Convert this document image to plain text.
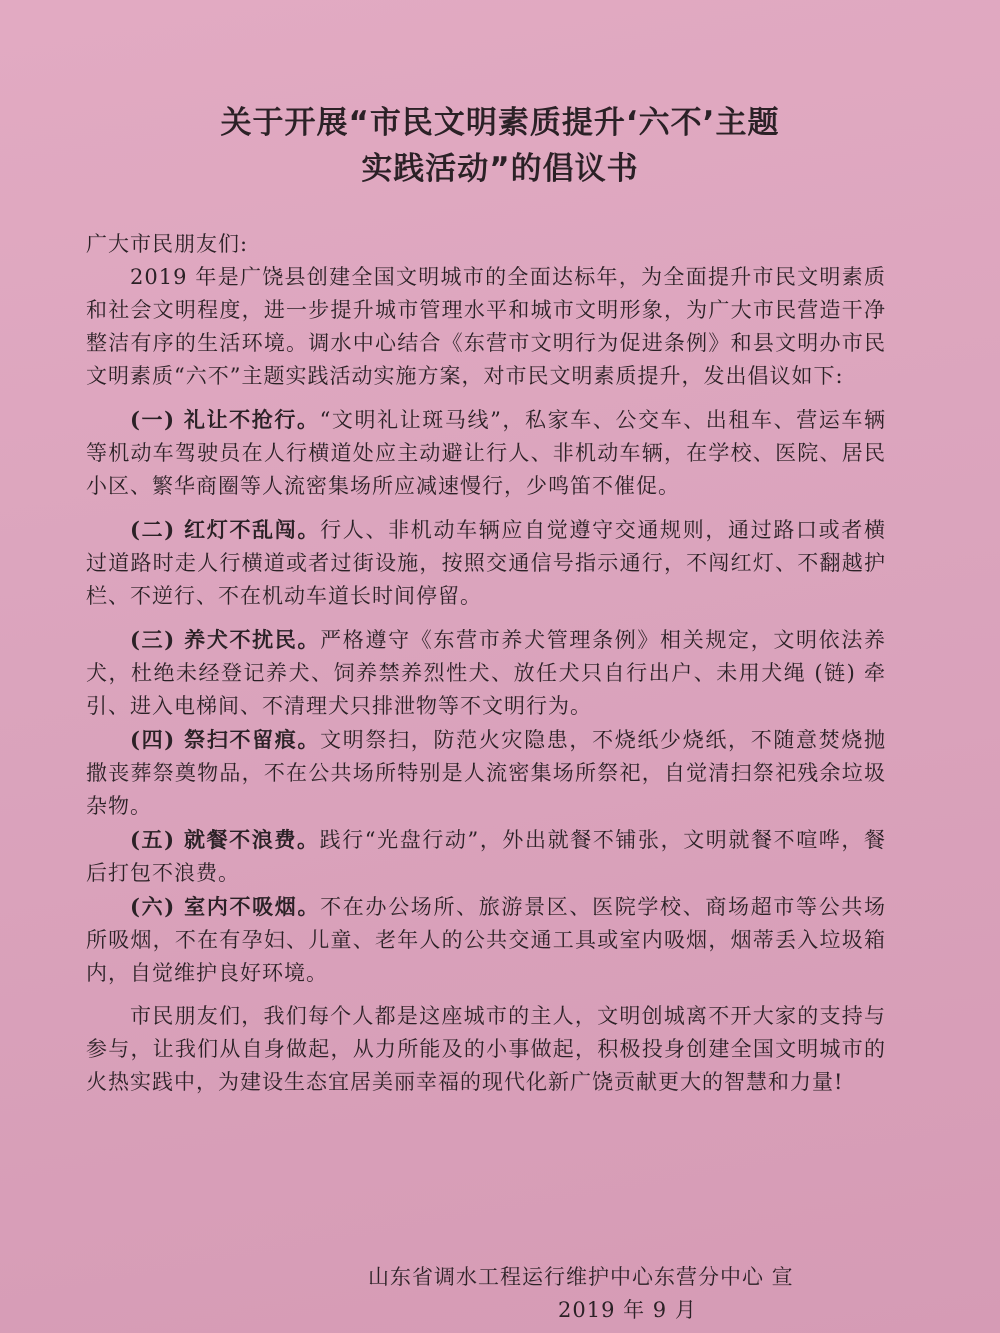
关于开展“市民文明素质提升‘六不’主题
实践活动”的倡议书

广大市民朋友们:

2019 年是广饶县创建全国文明城市的全面达标年，为全面提升市民文明素质和社会文明程度，进一步提升城市管理水平和城市文明形象，为广大市民营造干净整洁有序的生活环境。调水中心结合《东营市文明行为促进条例》和县文明办市民文明素质“六不”主题实践活动实施方案，对市民文明素质提升，发出倡议如下:

(一) 礼让不抢行。“文明礼让斑马线”，私家车、公交车、出租车、营运车辆等机动车驾驶员在人行横道处应主动避让行人、非机动车辆，在学校、医院、居民小区、繁华商圈等人流密集场所应减速慢行，少鸣笛不催促。

(二) 红灯不乱闯。行人、非机动车辆应自觉遵守交通规则，通过路口或者横过道路时走人行横道或者过街设施，按照交通信号指示通行，不闯红灯、不翻越护栏、不逆行、不在机动车道长时间停留。

(三) 养犬不扰民。严格遵守《东营市养犬管理条例》相关规定，文明依法养犬，杜绝未经登记养犬、饲养禁养烈性犬、放任犬只自行出户、未用犬绳 (链) 牵引、进入电梯间、不清理犬只排泄物等不文明行为。

(四) 祭扫不留痕。文明祭扫，防范火灾隐患，不烧纸少烧纸，不随意焚烧抛撒丧葬祭奠物品，不在公共场所特别是人流密集场所祭祀，自觉清扫祭祀残余垃圾杂物。

(五) 就餐不浪费。践行“光盘行动”，外出就餐不铺张，文明就餐不喧哗，餐后打包不浪费。

(六) 室内不吸烟。不在办公场所、旅游景区、医院学校、商场超市等公共场所吸烟，不在有孕妇、儿童、老年人的公共交通工具或室内吸烟，烟蒂丢入垃圾箱内，自觉维护良好环境。

市民朋友们，我们每个人都是这座城市的主人，文明创城离不开大家的支持与参与，让我们从自身做起，从力所能及的小事做起，积极投身创建全国文明城市的火热实践中，为建设生态宜居美丽幸福的现代化新广饶贡献更大的智慧和力量!

山东省调水工程运行维护中心东营分中心 宣
2019 年 9 月
